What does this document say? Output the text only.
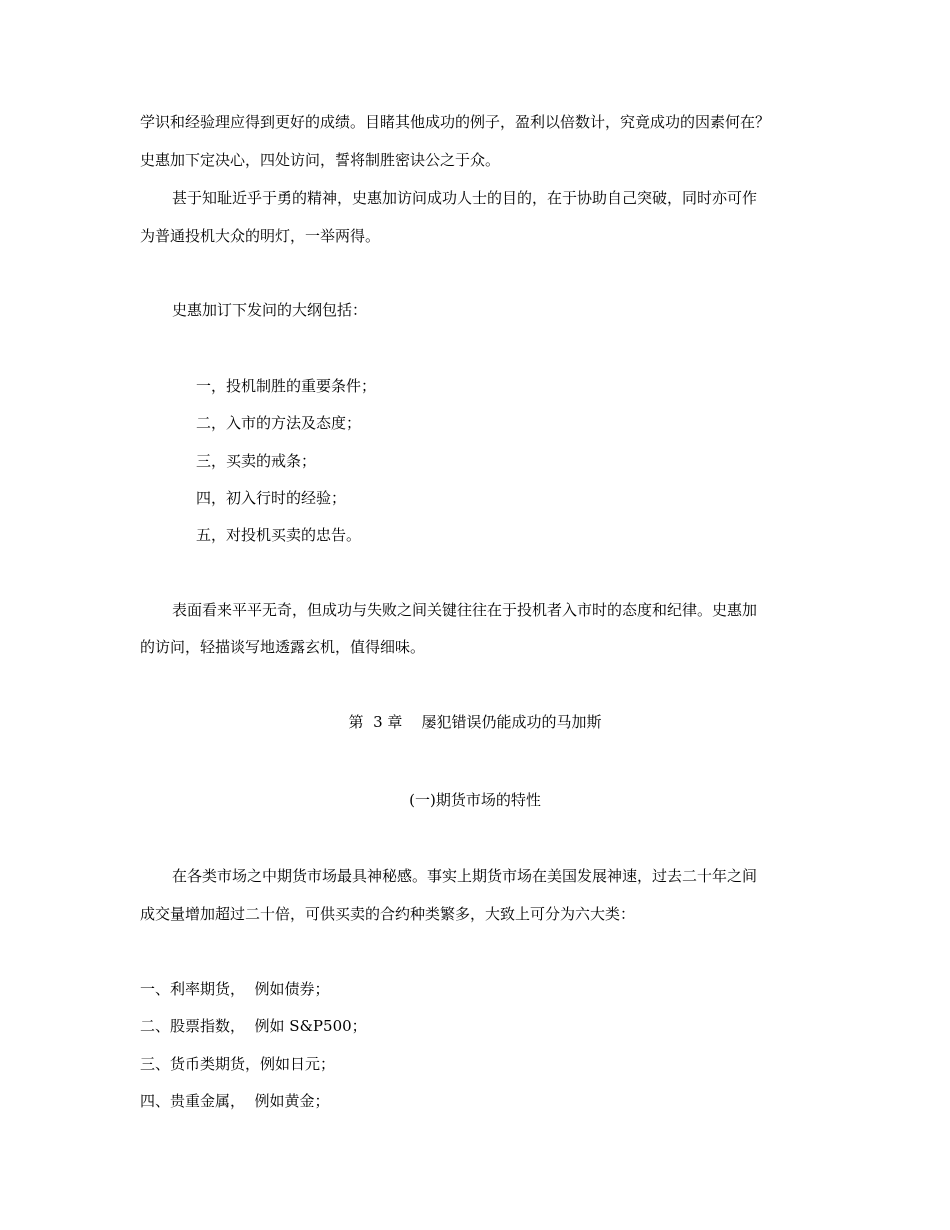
学识和经验理应得到更好的成绩。目睹其他成功的例子，盈利以倍数计，究竟成功的因素何在？
史惠加下定决心，四处访问，誓将制胜密诀公之于众。
甚于知耻近乎于勇的精神，史惠加访问成功人士的目的，在于协助自己突破，同时亦可作
为普通投机大众的明灯，一举两得。
史惠加订下发问的大纲包括：
一，投机制胜的重要条件；
二，入市的方法及态度；
三，买卖的戒条；
四，初入行时的经验；
五，对投机买卖的忠告。
表面看来平平无奇，但成功与失败之间关键往往在于投机者入市时的态度和纪律。史惠加
的访问，轻描谈写地透露玄机，值得细味。
第  3 章    屡犯错误仍能成功的马加斯
(一)期货市场的特性
在各类市场之中期货市场最具神秘感。事实上期货市场在美国发展神速，过去二十年之间
成交量增加超过二十倍，可供买卖的合约种类繁多，大致上可分为六大类：
一、利率期货，  例如债券；
二、股票指数，  例如 S&P500；
三、货币类期货，例如日元；
四、贵重金属，  例如黄金；
